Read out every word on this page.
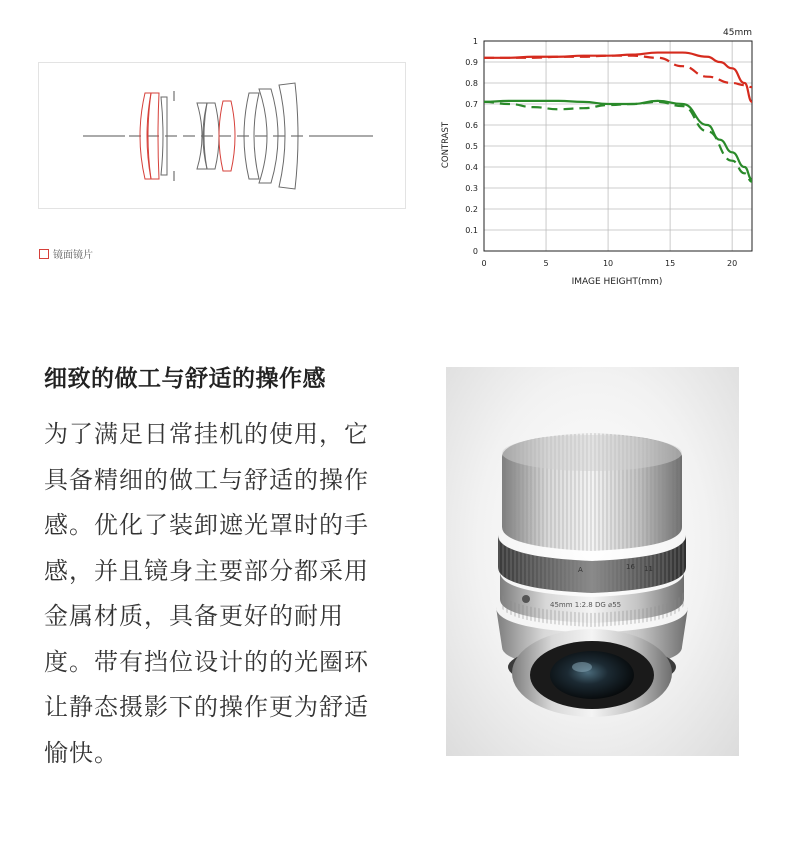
镜面镜片	0
0.1
0.2
0.3
0.4
0.5
0.6
0.7
0.8
0.9
1
0	5	10	15	20
45mm
IMAGE HEIGHT(mm)
CONTRAST
细致的做工与舒适的操作感

为了满足日常挂机的使用，它具备精细的做工与舒适的操作感。优化了装卸遮光罩时的手感，并且镜身主要部分都采用金属材质，具备更好的耐用度。带有挡位设计的的光圈环让静态摄影下的操作更为舒适愉快。

A	16 11
45mm 1:2.8 DG ⌀55
